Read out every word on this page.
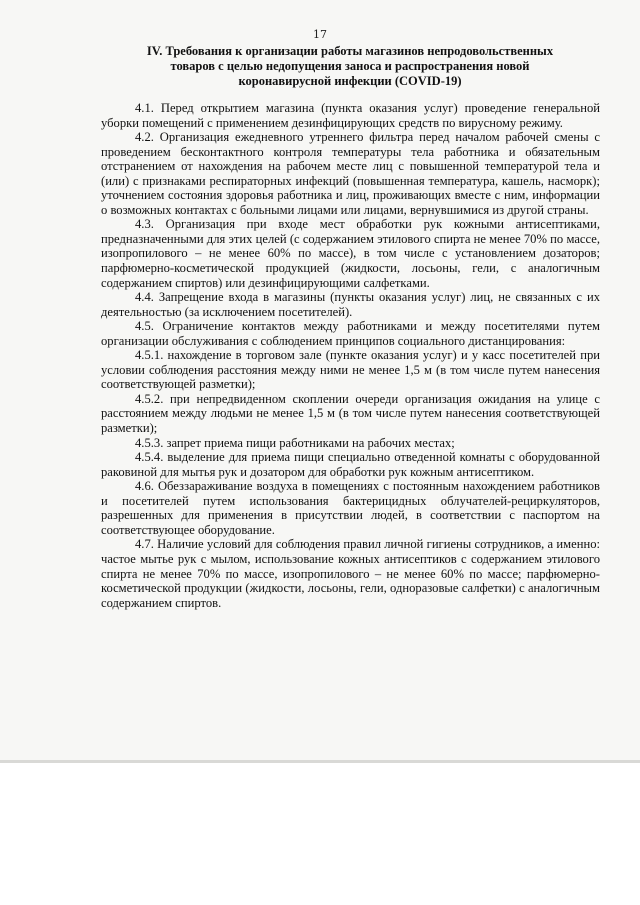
17
IV. Требования к организации работы магазинов непродовольственных
товаров с целью недопущения заноса и распространения новой
коронавирусной инфекции (COVID-19)

4.1. Перед открытием магазина (пункта оказания услуг) проведение генеральной уборки помещений с применением дезинфицирующих средств по вирусному режиму.

4.2. Организация ежедневного утреннего фильтра перед началом рабочей смены с проведением бесконтактного контроля температуры тела работника и обязательным отстранением от нахождения на рабочем месте лиц с повышенной температурой тела и (или) с признаками респираторных инфекций (повышенная температура, кашель, насморк); уточнением состояния здоровья работника и лиц, проживающих вместе с ним, информации о возможных контактах с больными лицами или лицами, вернувшимися из другой страны.

4.3. Организация при входе мест обработки рук кожными антисептиками, предназначенными для этих целей (с содержанием этилового спирта не менее 70% по массе, изопропилового – не менее 60% по массе), в том числе с установлением дозаторов; парфюмерно-косметической продукцией (жидкости, лосьоны, гели, с аналогичным содержанием спиртов) или дезинфицирующими салфетками.

4.4. Запрещение входа в магазины (пункты оказания услуг) лиц, не связанных с их деятельностью (за исключением посетителей).

4.5. Ограничение контактов между работниками и между посетителями путем организации обслуживания с соблюдением принципов социального дистанцирования:

4.5.1. нахождение в торговом зале (пункте оказания услуг) и у касс посетителей при условии соблюдения расстояния между ними не менее 1,5 м (в том числе путем нанесения соответствующей разметки);

4.5.2. при непредвиденном скоплении очереди организация ожидания на улице с расстоянием между людьми не менее 1,5 м (в том числе путем нанесения соответствующей разметки);

4.5.3. запрет приема пищи работниками на рабочих местах;

4.5.4. выделение для приема пищи специально отведенной комнаты с оборудованной раковиной для мытья рук и дозатором для обработки рук кожным антисептиком.

4.6. Обеззараживание воздуха в помещениях с постоянным нахождением работников и посетителей путем использования бактерицидных облучателей-рециркуляторов, разрешенных для применения в присутствии людей, в соответствии с паспортом на соответствующее оборудование.

4.7. Наличие условий для соблюдения правил личной гигиены сотрудников, а именно: частое мытье рук с мылом, использование кожных антисептиков с содержанием этилового спирта не менее 70% по массе, изопропилового – не менее 60% по массе; парфюмерно-косметической продукции (жидкости, лосьоны, гели, одноразовые салфетки) с аналогичным содержанием спиртов.
